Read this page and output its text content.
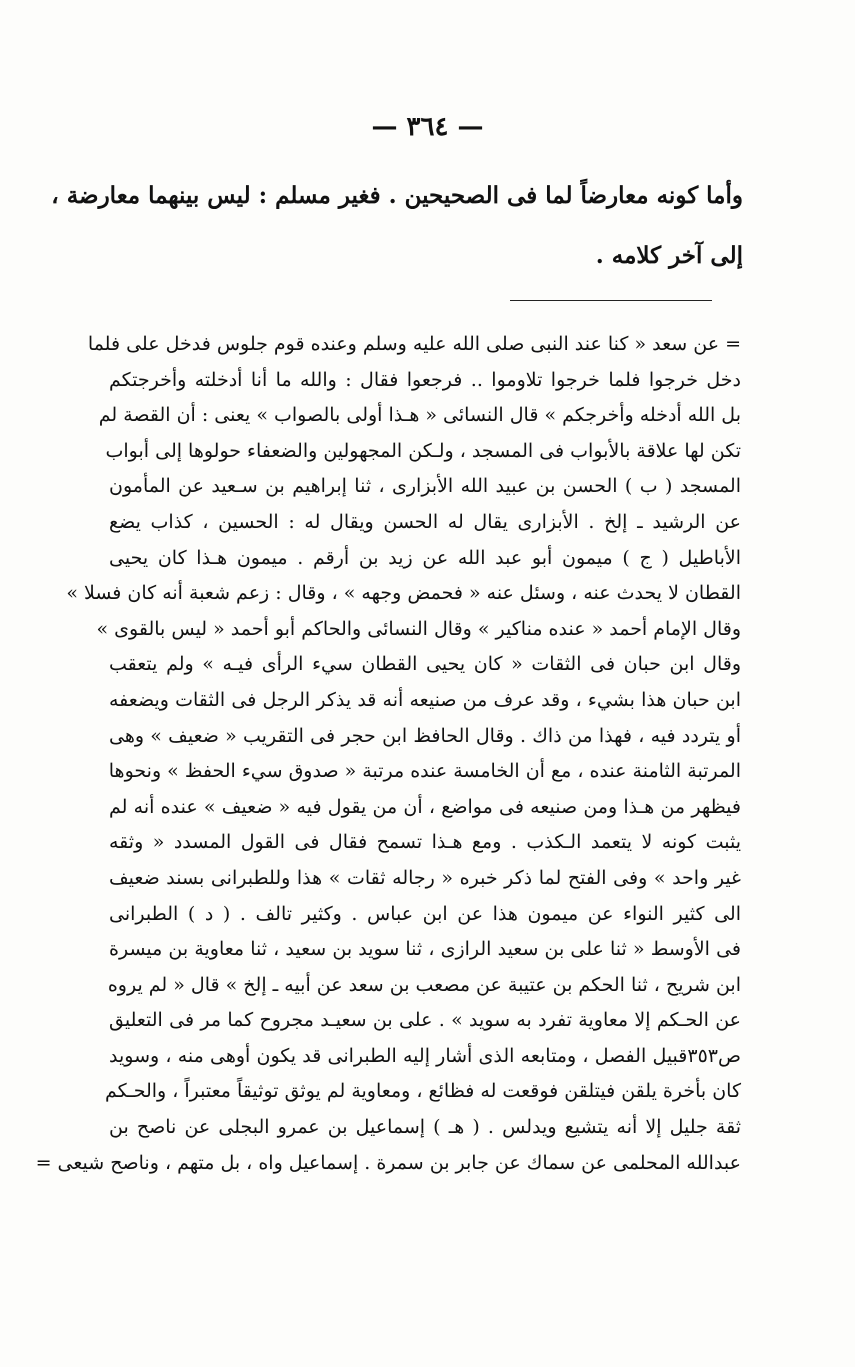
— ٣٦٤ —
وأما كونه معارضاً لما فى الصحيحين . فغير مسلم : ليس بينهما معارضة ،
إلى آخر كلامه .
= عن سعد « كنا عند النبى صلى الله عليه وسلم وعنده قوم جلوس فدخل على فلما
دخل خرجوا فلما خرجوا تلاوموا .. فرجعوا فقال : والله ما أنا أدخلته وأخرجتكم
بل الله أدخله وأخرجكم » قال النسائى « هـذا أولى بالصواب » يعنى : أن القصة لم
تكن لها علاقة بالأبواب فى المسجد ، ولـكن المجهولين والضعفاء حولوها إلى أبواب
المسجد ( ب ) الحسن بن عبيد الله الأبزارى ، ثنا إبراهيم بن سـعيد عن المأمون
عن الرشيد ـ إلخ . الأبزارى يقال له الحسن ويقال له : الحسين ، كذاب يضع
الأباطيل ( ج ) ميمون أبو عبد الله عن زيد بن أرقم . ميمون هـذا كان يحيى
القطان لا يحدث عنه ، وسئل عنه « فحمض وجهه » ، وقال : زعم شعبة أنه كان فسلا »
وقال الإمام أحمد « عنده مناكير » وقال النسائى والحاكم أبو أحمد « ليس بالقوى »
وقال ابن حبان فى الثقات « كان يحيى القطان سيء الرأى فيـه » ولم يتعقب
ابن حبان هذا بشيء ، وقد عرف من صنيعه أنه قد يذكر الرجل فى الثقات ويضعفه
أو يتردد فيه ، فهذا من ذاك . وقال الحافظ ابن حجر فى التقريب « ضعيف » وهى
المرتبة الثامنة عنده ، مع أن الخامسة عنده مرتبة « صدوق سيء الحفظ » ونحوها
فيظهر من هـذا ومن صنيعه فى مواضع ، أن من يقول فيه « ضعيف » عنده أنه لم
يثبت كونه لا يتعمد الـكذب . ومع هـذا تسمح فقال فى القول المسدد « وثقه
غير واحد » وفى الفتح لما ذكر خبره « رجاله ثقات » هذا وللطبرانى بسند ضعيف
الى كثير النواء عن ميمون هذا عن ابن عباس . وكثير تالف . ( د ) الطبرانى
فى الأوسط « ثنا على بن سعيد الرازى ، ثنا سويد بن سعيد ، ثنا معاوية بن ميسرة
ابن شريح ، ثنا الحكم بن عتيبة عن مصعب بن سعد عن أبيه ـ إلخ » قال « لم يروه
عن الحـكم إلا معاوية تفرد به سويد » . على بن سعيـد مجروح كما مر فى التعليق
ص٣٥٣قبيل الفصل ، ومتابعه الذى أشار إليه الطبرانى قد يكون أوهى منه ، وسويد
كان بأخرة يلقن فيتلقن فوقعت له فظائع ، ومعاوية لم يوثق توثيقاً معتبراً ، والحـكم
ثقة جليل إلا أنه يتشيع ويدلس . ( هـ ) إسماعيل بن عمرو البجلى عن ناصح بن
عبدالله المحلمى عن سماك عن جابر بن سمرة . إسماعيل واه ، بل متهم ، وناصح شيعى =
